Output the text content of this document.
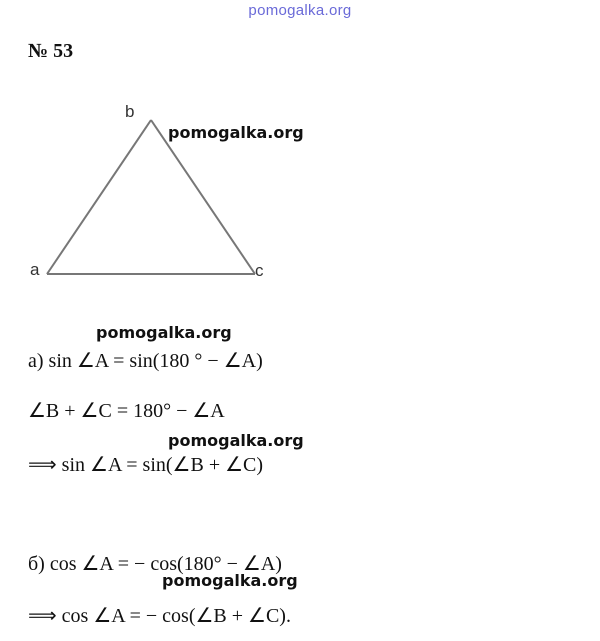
pomogalka.org
№ 53
b
a	c
pomogalka.org
pomogalka.org
а) sin ∠A = sin(180 ° − ∠A)
∠B + ∠C = 180° − ∠A
pomogalka.org
⟹ sin ∠A = sin(∠B + ∠C)
б) cos ∠A = − cos(180° − ∠A)
pomogalka.org
⟹ cos ∠A = − cos(∠B + ∠C).
